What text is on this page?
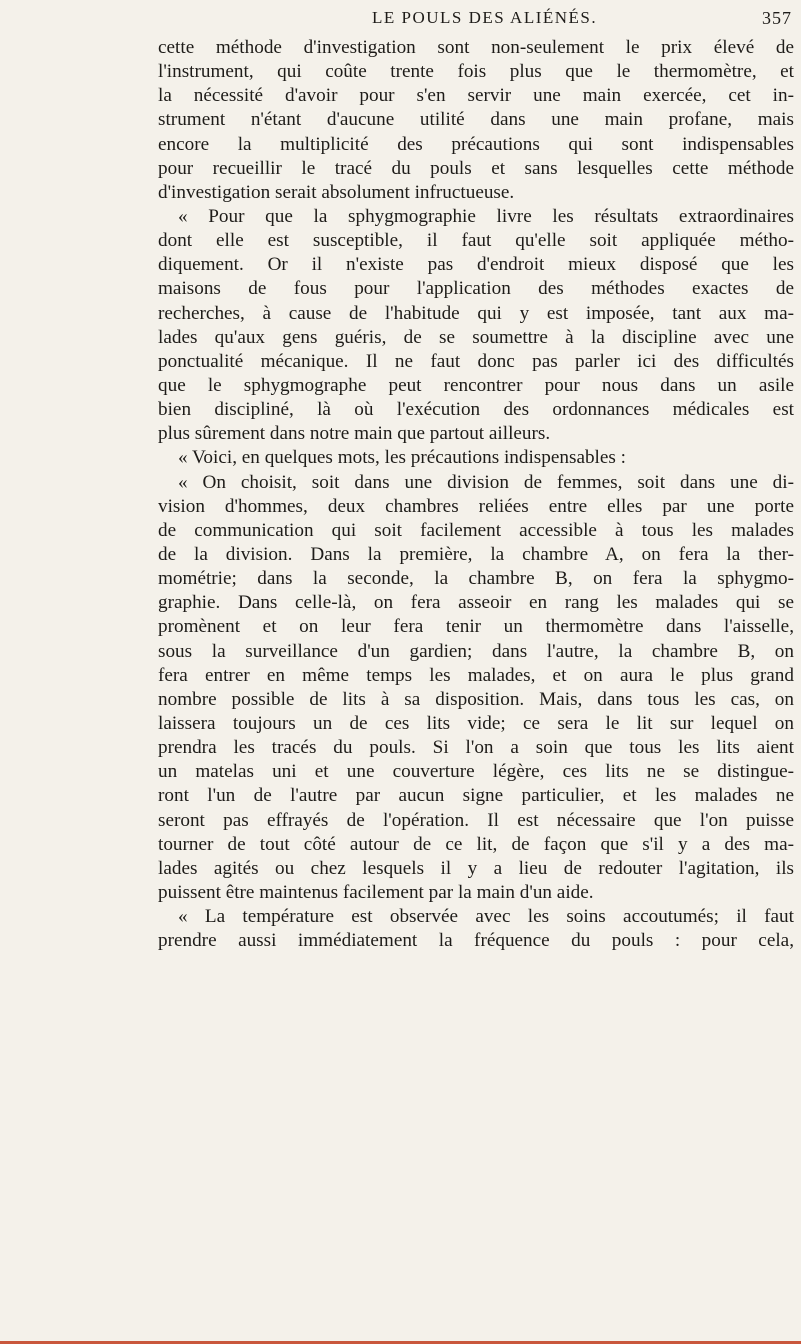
LE POULS DES ALIÉNÉS.	357
cette méthode d'investigation sont non-seulement le prix élevé de
l'instrument, qui coûte trente fois plus que le thermomètre, et
la nécessité d'avoir pour s'en servir une main exercée, cet in-
strument n'étant d'aucune utilité dans une main profane, mais
encore la multiplicité des précautions qui sont indispensables
pour recueillir le tracé du pouls et sans lesquelles cette méthode
d'investigation serait absolument infructueuse.
« Pour que la sphygmographie livre les résultats extraordinaires
dont elle est susceptible, il faut qu'elle soit appliquée métho-
diquement. Or il n'existe pas d'endroit mieux disposé que les
maisons de fous pour l'application des méthodes exactes de
recherches, à cause de l'habitude qui y est imposée, tant aux ma-
lades qu'aux gens guéris, de se soumettre à la discipline avec une
ponctualité mécanique. Il ne faut donc pas parler ici des difficultés
que le sphygmographe peut rencontrer pour nous dans un asile
bien discipliné, là où l'exécution des ordonnances médicales est
plus sûrement dans notre main que partout ailleurs.
« Voici, en quelques mots, les précautions indispensables :
« On choisit, soit dans une division de femmes, soit dans une di-
vision d'hommes, deux chambres reliées entre elles par une porte
de communication qui soit facilement accessible à tous les malades
de la division. Dans la première, la chambre A, on fera la ther-
mométrie; dans la seconde, la chambre B, on fera la sphygmo-
graphie. Dans celle-là, on fera asseoir en rang les malades qui se
promènent et on leur fera tenir un thermomètre dans l'aisselle,
sous la surveillance d'un gardien; dans l'autre, la chambre B, on
fera entrer en même temps les malades, et on aura le plus grand
nombre possible de lits à sa disposition. Mais, dans tous les cas, on
laissera toujours un de ces lits vide; ce sera le lit sur lequel on
prendra les tracés du pouls. Si l'on a soin que tous les lits aient
un matelas uni et une couverture légère, ces lits ne se distingue-
ront l'un de l'autre par aucun signe particulier, et les malades ne
seront pas effrayés de l'opération. Il est nécessaire que l'on puisse
tourner de tout côté autour de ce lit, de façon que s'il y a des ma-
lades agités ou chez lesquels il y a lieu de redouter l'agitation, ils
puissent être maintenus facilement par la main d'un aide.
« La température est observée avec les soins accoutumés; il faut
prendre aussi immédiatement la fréquence du pouls : pour cela,
